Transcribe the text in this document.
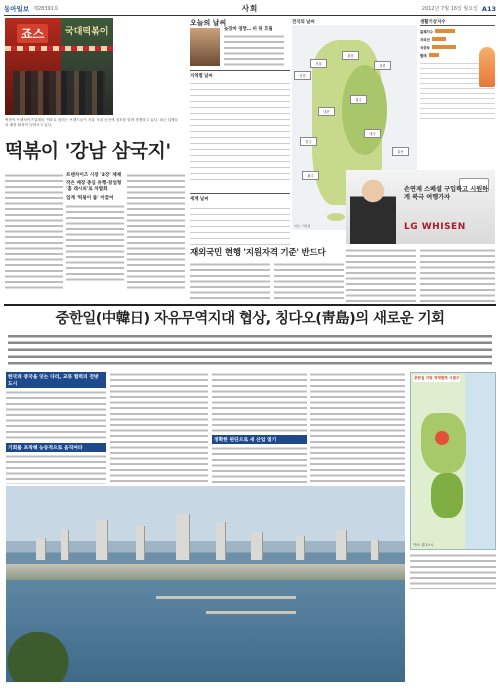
동아일보 제28391호	사회	2012년 7월 16일 월요일 A13
죠스	국대떡볶이
떡볶이 프랜차이즈업계의 '빅3'로 꼽히는 브랜드들이 서울 시내 곳곳에 점포를 열며 경쟁하고 있다. 최근 업체들의 매장 확장이 잇따르고 있다.
떡볶이 '강남 삼국지'
프랜차이즈 시장 '3강' 체제
작은 매장 중심 유행·창업형 '홈 레시피'로 차별화
업계 '떡볶이 붐' 이끌어
오늘의 날씨
늦장마 영향… 비 뒤 흐림
지역별 날씨
세계 날씨
재외국민 현행 '지원자격 기준' 반드다
전국의 날씨
서울
인천
춘천
강릉
대전
청주
전주
광주
대구
울산
자료: 기상청
생활기상지수
불쾌지수
자외선
식중독
빨래
손연재 스페셜 구입하고 시원하게 북극 여행가자
LG WHISEN
중한일(中韓日) 자유무역지대 협상, 칭다오(靑島)의 새로운 기회
한국과 중국을 잇는 다리, 교류 협력의 전방 도시
기회를 포착해 능동적으로 움직여라
정확한 판단으로 새 산업 열기
중한일 지방 경제협력 시범구
자료: 칭다오시
